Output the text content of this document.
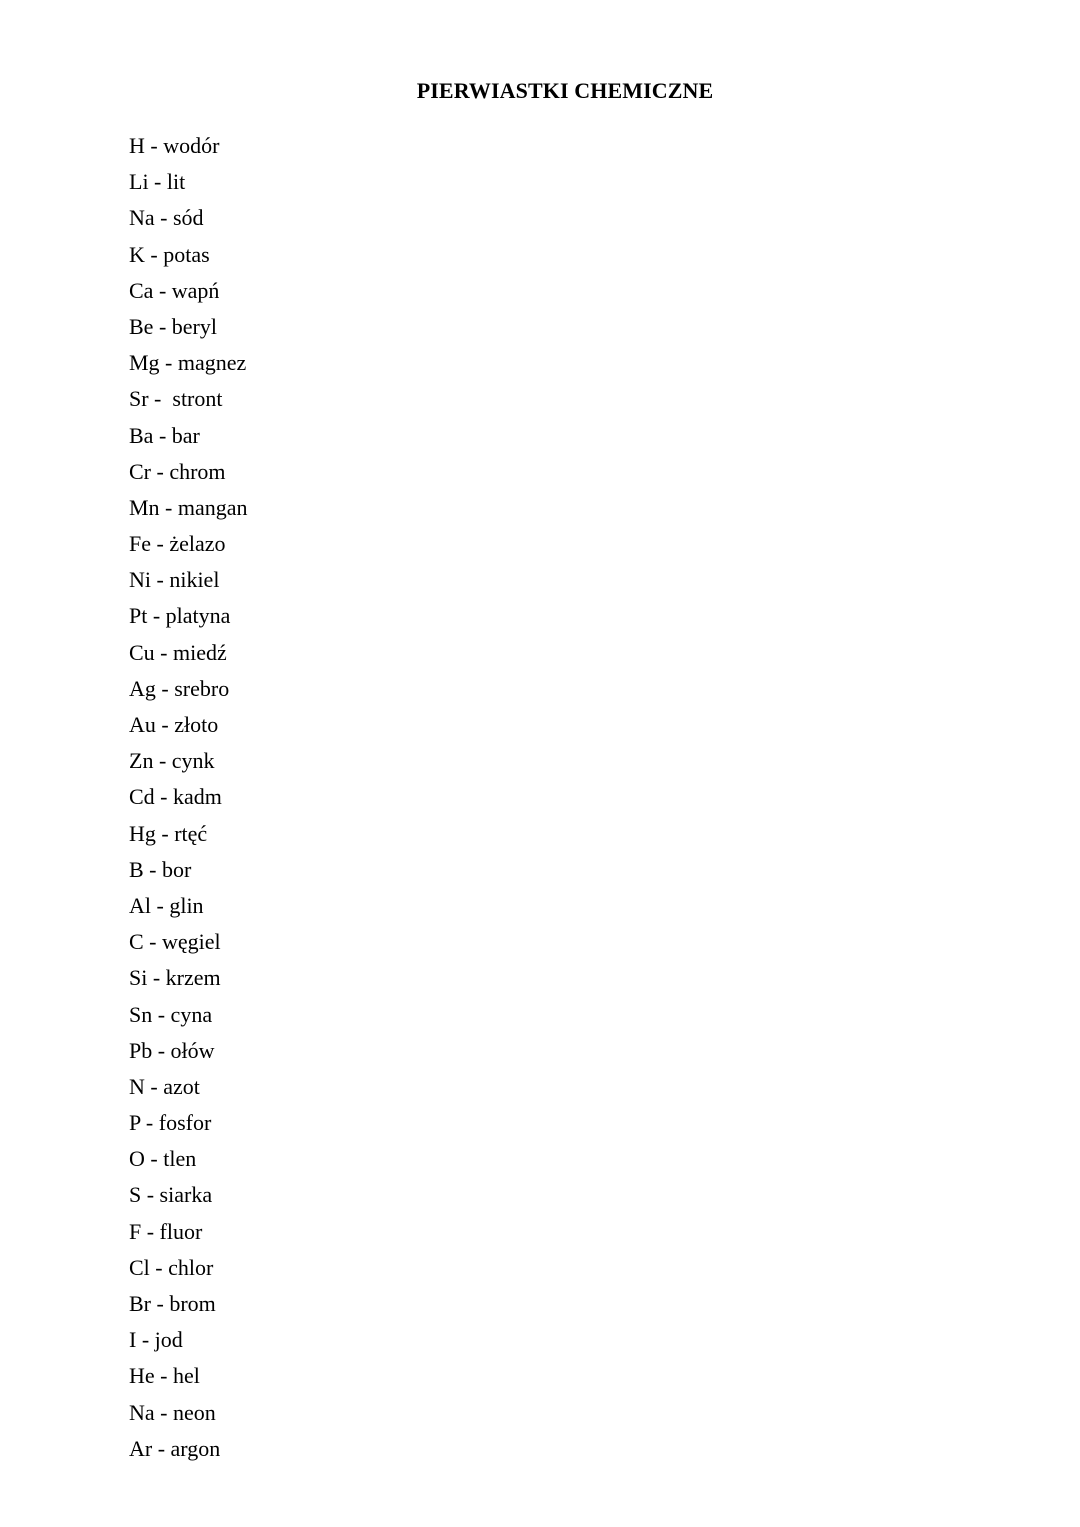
PIERWIASTKI CHEMICZNE
H - wodór
Li - lit
Na - sód
K - potas
Ca - wapń
Be - beryl
Mg - magnez
Sr -  stront
Ba - bar
Cr - chrom
Mn - mangan
Fe - żelazo
Ni - nikiel
Pt - platyna
Cu - miedź
Ag - srebro
Au - złoto
Zn - cynk
Cd - kadm
Hg - rtęć
B - bor
Al - glin
C - węgiel
Si - krzem
Sn - cyna
Pb - ołów
N - azot
P - fosfor
O - tlen
S - siarka
F - fluor
Cl - chlor
Br - brom
I - jod
He - hel
Na - neon
Ar - argon
